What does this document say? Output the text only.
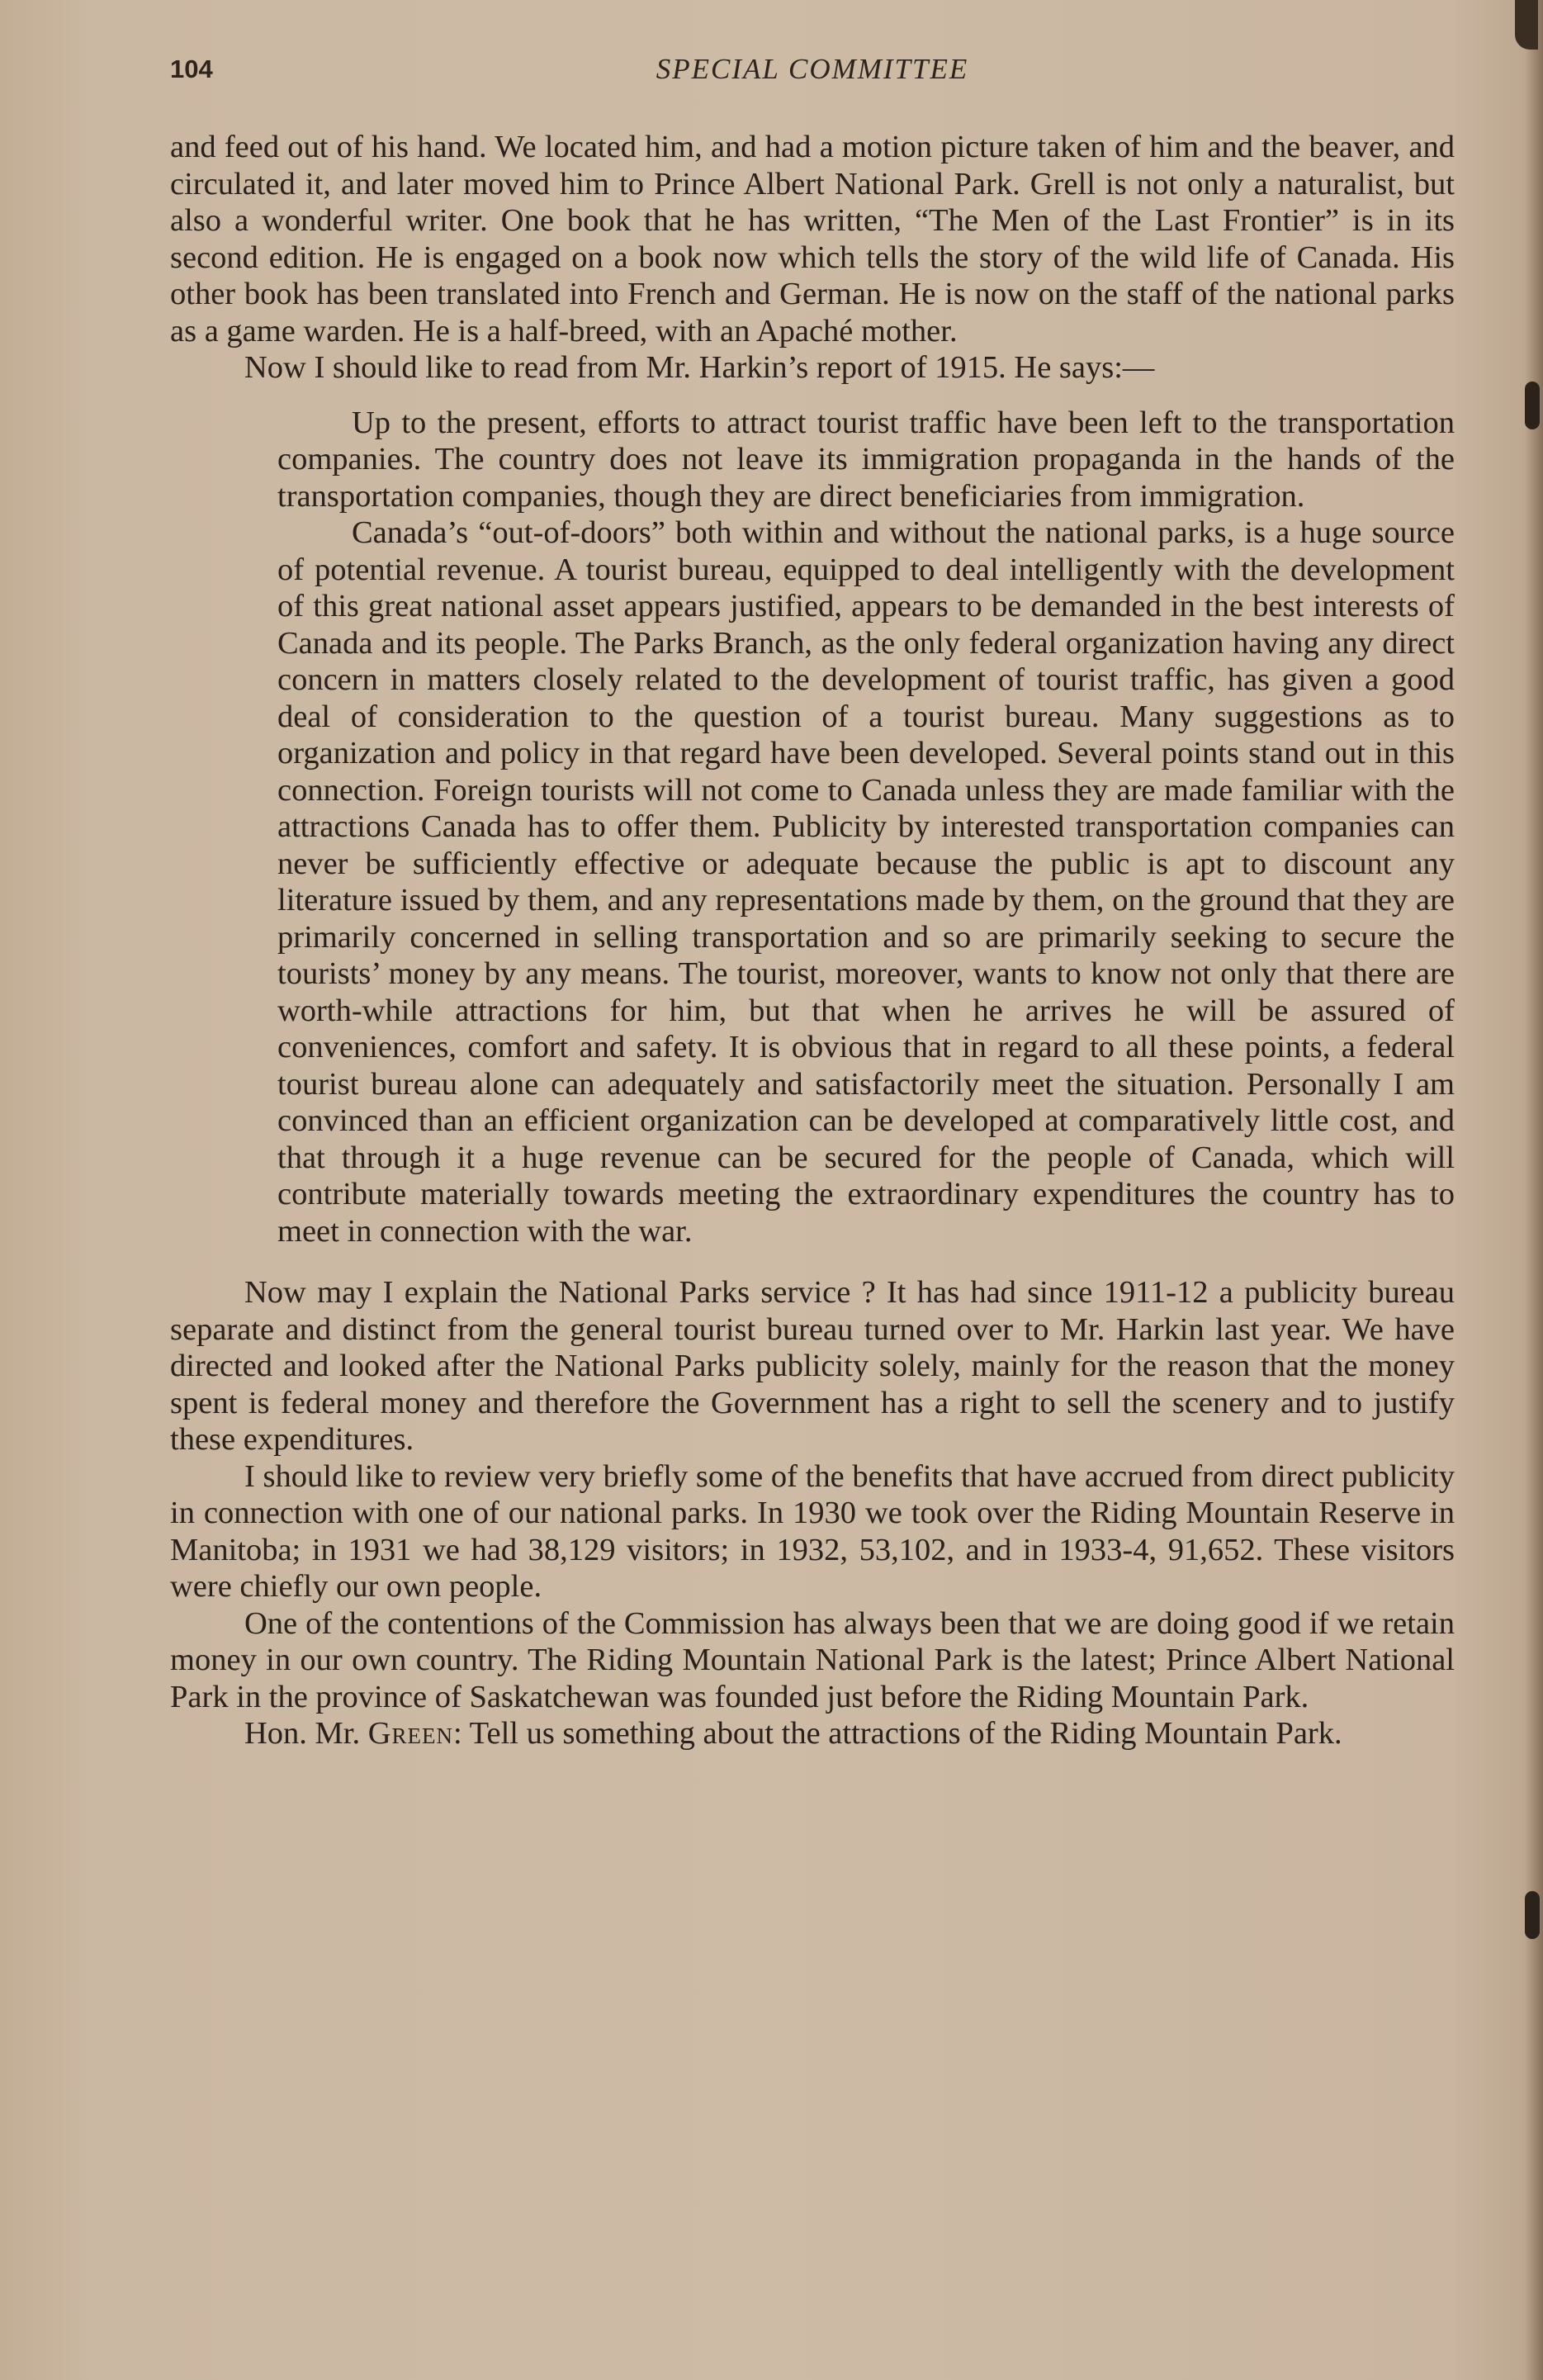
104	SPECIAL COMMITTEE

and feed out of his hand. We located him, and had a motion picture taken of him and the beaver, and circulated it, and later moved him to Prince Albert National Park. Grell is not only a naturalist, but also a wonderful writer. One book that he has written, “The Men of the Last Frontier” is in its second edition. He is engaged on a book now which tells the story of the wild life of Canada. His other book has been translated into French and German. He is now on the staff of the national parks as a game warden. He is a half-breed, with an Apaché mother.

Now I should like to read from Mr. Harkin’s report of 1915. He says:—

Up to the present, efforts to attract tourist traffic have been left to the transportation companies. The country does not leave its immigration propaganda in the hands of the transportation companies, though they are direct beneficiaries from immigration.

Canada’s “out-of-doors” both within and without the national parks, is a huge source of potential revenue. A tourist bureau, equipped to deal intelligently with the development of this great national asset appears justified, appears to be demanded in the best interests of Canada and its people. The Parks Branch, as the only federal organization having any direct concern in matters closely related to the development of tourist traffic, has given a good deal of consideration to the question of a tourist bureau. Many suggestions as to organization and policy in that regard have been developed. Several points stand out in this connection. Foreign tourists will not come to Canada unless they are made familiar with the attractions Canada has to offer them. Publicity by interested transportation companies can never be sufficiently effective or adequate because the public is apt to discount any literature issued by them, and any representations made by them, on the ground that they are primarily concerned in selling transportation and so are primarily seeking to secure the tourists’ money by any means. The tourist, moreover, wants to know not only that there are worth-while attractions for him, but that when he arrives he will be assured of conveniences, comfort and safety. It is obvious that in regard to all these points, a federal tourist bureau alone can adequately and satisfactorily meet the situation. Personally I am convinced than an efficient organization can be developed at comparatively little cost, and that through it a huge revenue can be secured for the people of Canada, which will contribute materially towards meeting the extraordinary expenditures the country has to meet in connection with the war.

Now may I explain the National Parks service ? It has had since 1911-12 a publicity bureau separate and distinct from the general tourist bureau turned over to Mr. Harkin last year. We have directed and looked after the National Parks publicity solely, mainly for the reason that the money spent is federal money and therefore the Government has a right to sell the scenery and to justify these expenditures.

I should like to review very briefly some of the benefits that have accrued from direct publicity in connection with one of our national parks. In 1930 we took over the Riding Mountain Reserve in Manitoba; in 1931 we had 38,129 visitors; in 1932, 53,102, and in 1933-4, 91,652. These visitors were chiefly our own people.

One of the contentions of the Commission has always been that we are doing good if we retain money in our own country. The Riding Mountain National Park is the latest; Prince Albert National Park in the province of Saskatchewan was founded just before the Riding Mountain Park.

Hon. Mr. Green: Tell us something about the attractions of the Riding Mountain Park.
